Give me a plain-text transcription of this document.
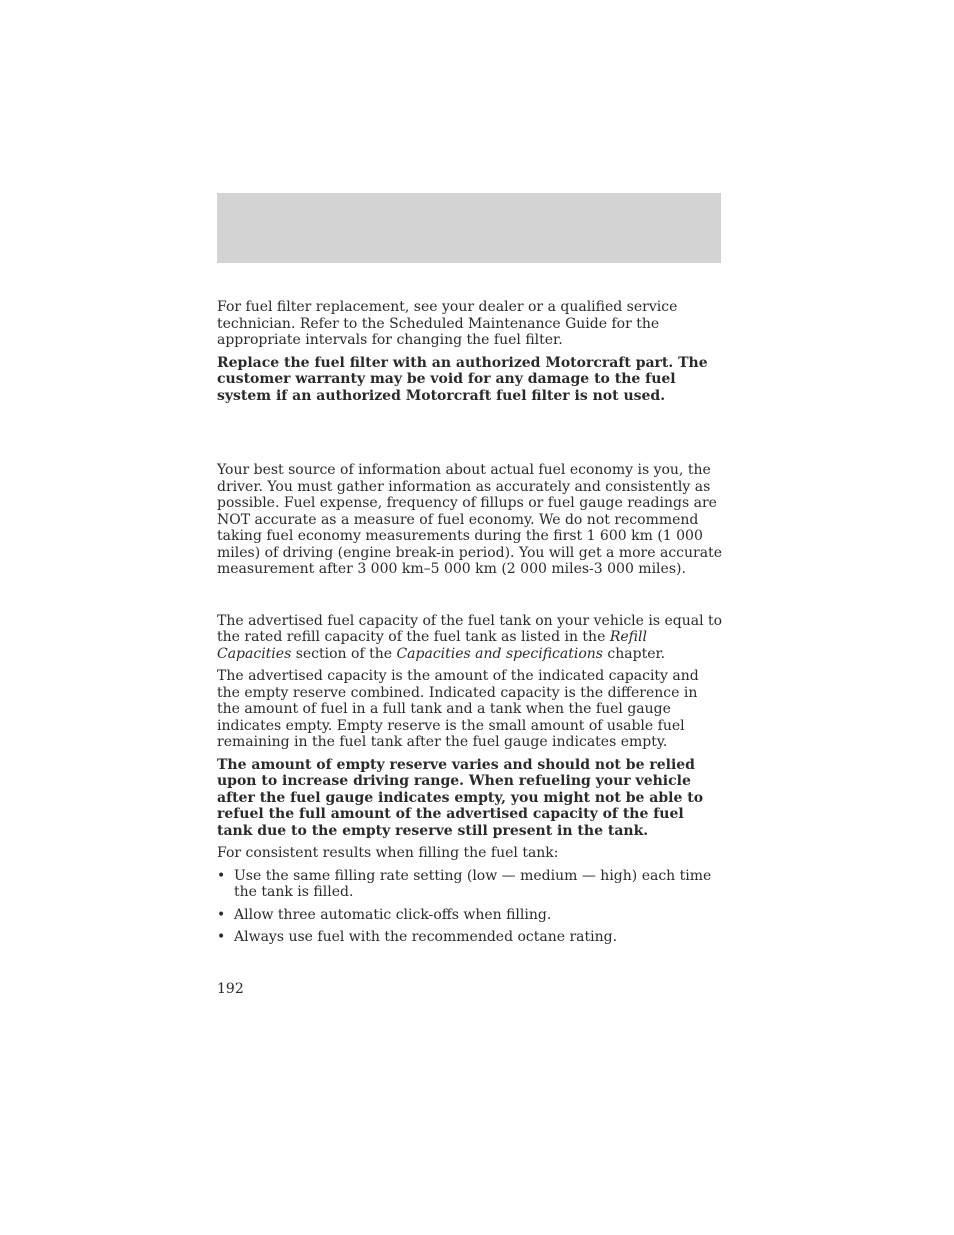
For fuel filter replacement, see your dealer or a qualified service technician. Refer to the Scheduled Maintenance Guide for the appropriate intervals for changing the fuel filter.

Replace the fuel filter with an authorized Motorcraft part. The customer warranty may be void for any damage to the fuel system if an authorized Motorcraft fuel filter is not used.

Your best source of information about actual fuel economy is you, the driver. You must gather information as accurately and consistently as possible. Fuel expense, frequency of fillups or fuel gauge readings are NOT accurate as a measure of fuel economy. We do not recommend taking fuel economy measurements during the first 1 600 km (1 000 miles) of driving (engine break-in period). You will get a more accurate measurement after 3 000 km–5 000 km (2 000 miles-3 000 miles).

The advertised fuel capacity of the fuel tank on your vehicle is equal to the rated refill capacity of the fuel tank as listed in the Refill Capacities section of the Capacities and specifications chapter.

The advertised capacity is the amount of the indicated capacity and the empty reserve combined. Indicated capacity is the difference in the amount of fuel in a full tank and a tank when the fuel gauge indicates empty. Empty reserve is the small amount of usable fuel remaining in the fuel tank after the fuel gauge indicates empty.

The amount of empty reserve varies and should not be relied upon to increase driving range. When refueling your vehicle after the fuel gauge indicates empty, you might not be able to refuel the full amount of the advertised capacity of the fuel tank due to the empty reserve still present in the tank.

For consistent results when filling the fuel tank:

• Use the same filling rate setting (low — medium — high) each time the tank is filled.
• Allow three automatic click-offs when filling.
• Always use fuel with the recommended octane rating.
192
